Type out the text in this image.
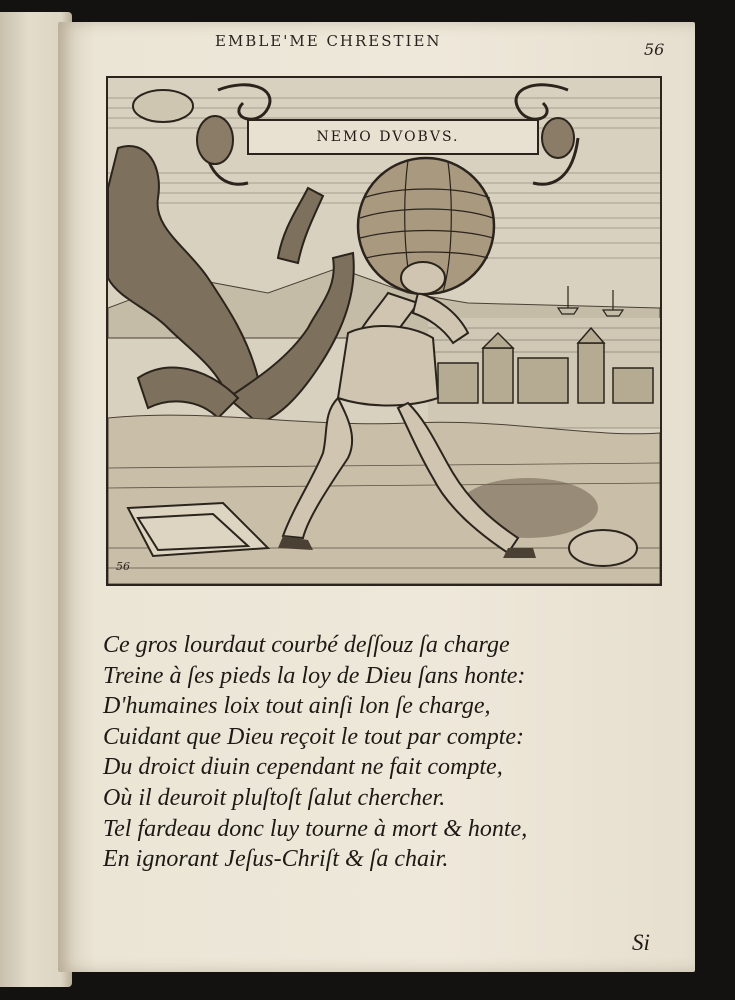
EMBLE'ME CHRESTIEN	56
NEMO DVOBVS.
56
Ce gros lourdaut courbé deſſouz ſa charge
Treine à ſes pieds la loy de Dieu ſans honte:
D'humaines loix tout ainſi lon ſe charge,
Cuidant que Dieu reçoit le tout par compte:
Du droict diuin cependant ne fait compte,
Où il deuroit pluſtoſt ſalut chercher.
Tel fardeau donc luy tourne à mort & honte,
En ignorant Jeſus-Chriſt & ſa chair.
Si
